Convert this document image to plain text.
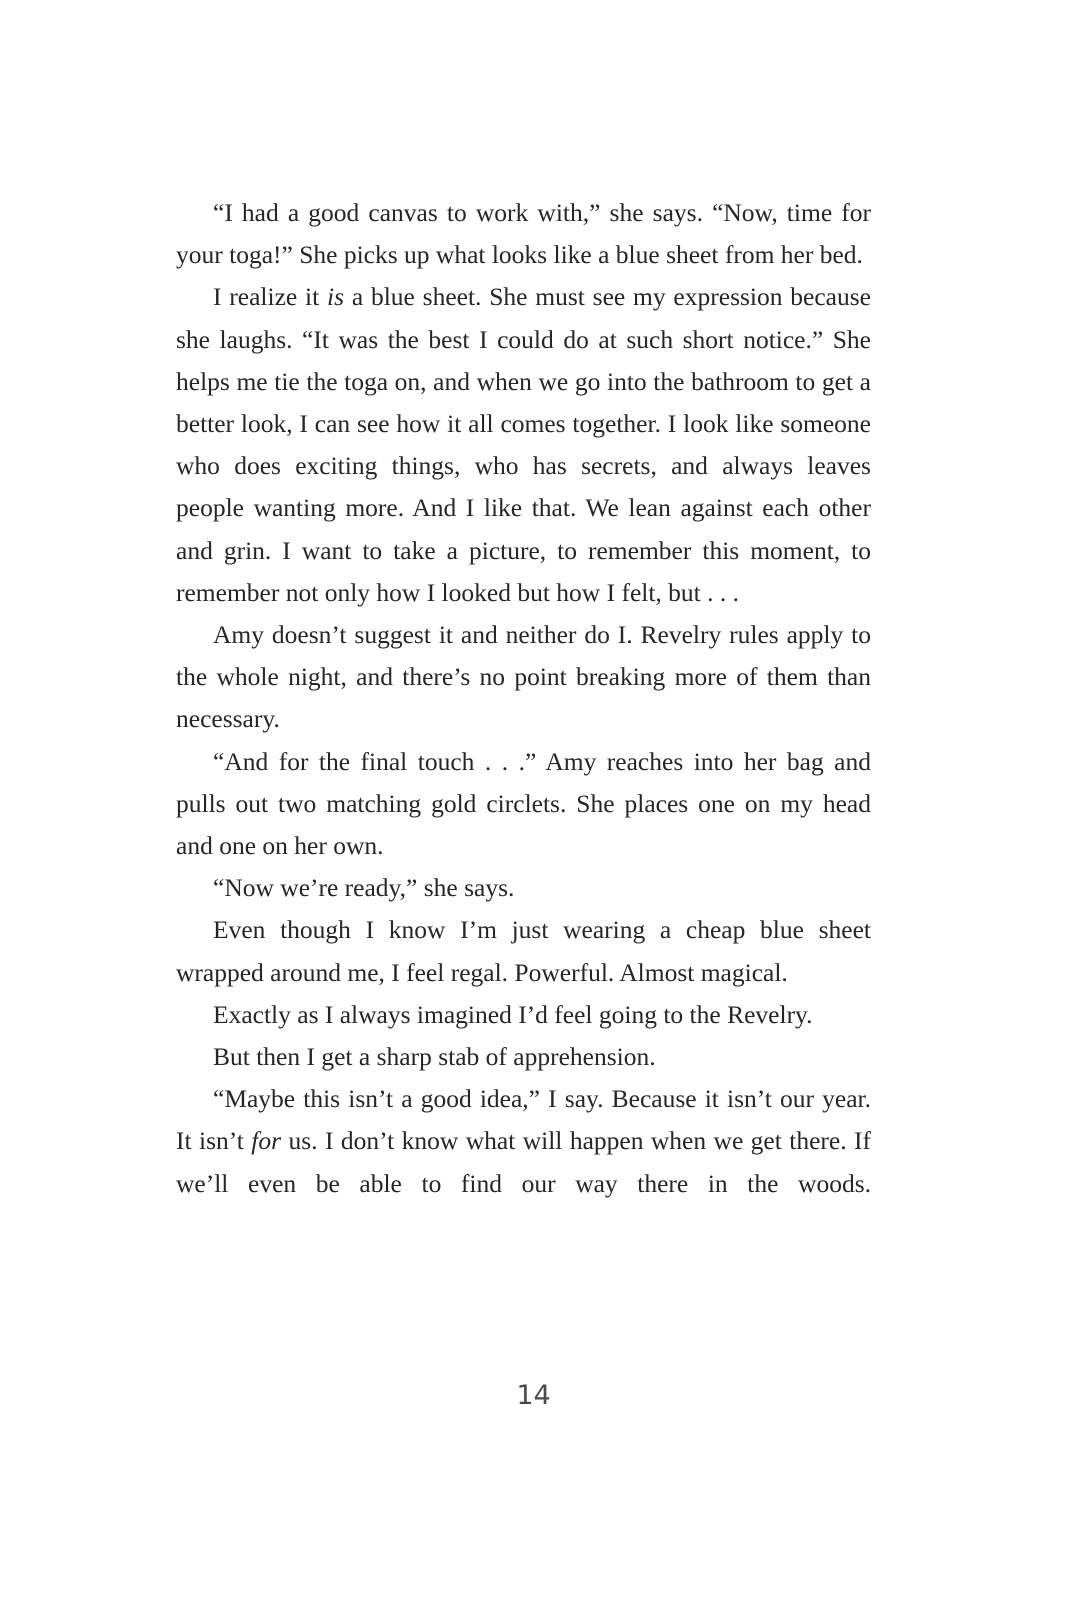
“I had a good canvas to work with,” she says. “Now, time for your toga!” She picks up what looks like a blue sheet from her bed.

I realize it is a blue sheet. She must see my expression because she laughs. “It was the best I could do at such short notice.” She helps me tie the toga on, and when we go into the bathroom to get a better look, I can see how it all comes together. I look like someone who does exciting things, who has secrets, and always leaves people wanting more. And I like that. We lean against each other and grin. I want to take a picture, to remember this moment, to remember not only how I looked but how I felt, but . . .

Amy doesn’t suggest it and neither do I. Revelry rules apply to the whole night, and there’s no point breaking more of them than necessary.

“And for the final touch . . .” Amy reaches into her bag and pulls out two matching gold circlets. She places one on my head and one on her own.

“Now we’re ready,” she says.

Even though I know I’m just wearing a cheap blue sheet wrapped around me, I feel regal. Powerful. Almost magical.

Exactly as I always imagined I’d feel going to the Revelry.

But then I get a sharp stab of apprehension.

“Maybe this isn’t a good idea,” I say. Because it isn’t our year. It isn’t for us. I don’t know what will happen when we get there. If we’ll even be able to find our way there in the woods.

14
